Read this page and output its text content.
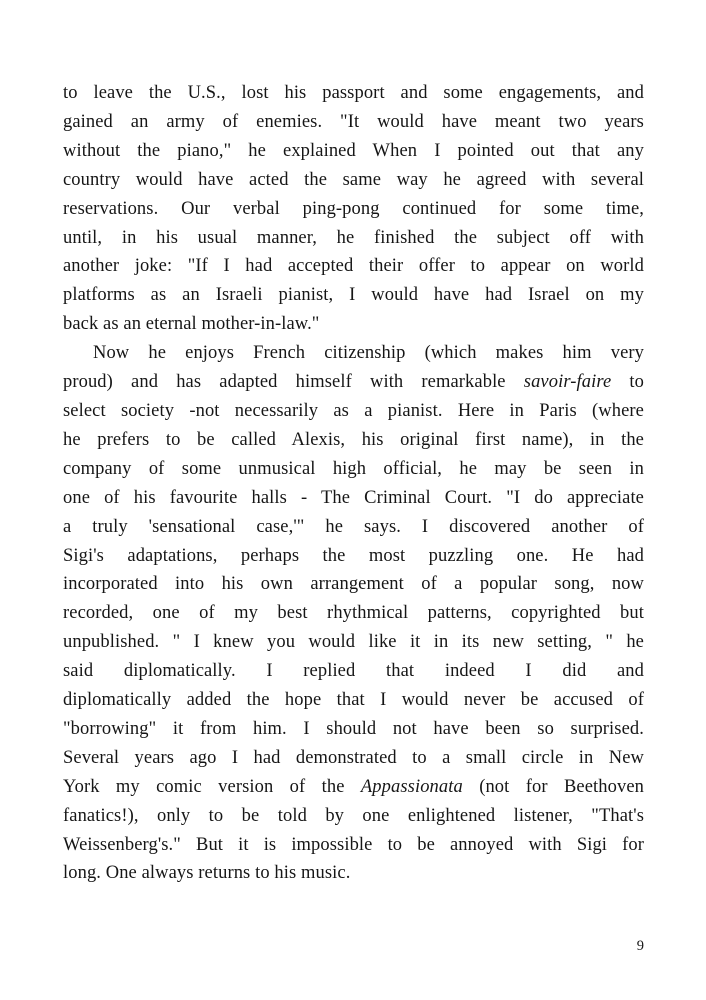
to leave the U.S., lost his passport and some engagements, and
gained an army of enemies. "It would have meant two years
without the piano," he explained When I pointed out that any
country would have acted the same way he agreed with several
reservations. Our verbal ping-pong continued for some time,
until, in his usual manner, he finished the subject off with
another joke: "If I had accepted their offer to appear on world
platforms as an Israeli pianist, I would have had Israel on my
back as an eternal mother-in-law."
Now he enjoys French citizenship (which makes him very
proud) and has adapted himself with remarkable savoir-faire to
select society -not necessarily as a pianist. Here in Paris (where
he prefers to be called Alexis, his original first name), in the
company of some unmusical high official, he may be seen in
one of his favourite halls - The Criminal Court. "I do appreciate
a truly 'sensational case,'" he says. I discovered another of
Sigi's adaptations, perhaps the most puzzling one. He had
incorporated into his own arrangement of a popular song, now
recorded, one of my best rhythmical patterns, copyrighted but
unpublished. " I knew you would like it in its new setting, " he
said diplomatically. I replied that indeed I did and
diplomatically added the hope that I would never be accused of
"borrowing" it from him. I should not have been so surprised.
Several years ago I had demonstrated to a small circle in New
York my comic version of the Appassionata (not for Beethoven
fanatics!), only to be told by one enlightened listener, "That's
Weissenberg's." But it is impossible to be annoyed with Sigi for
long. One always returns to his music.
9
